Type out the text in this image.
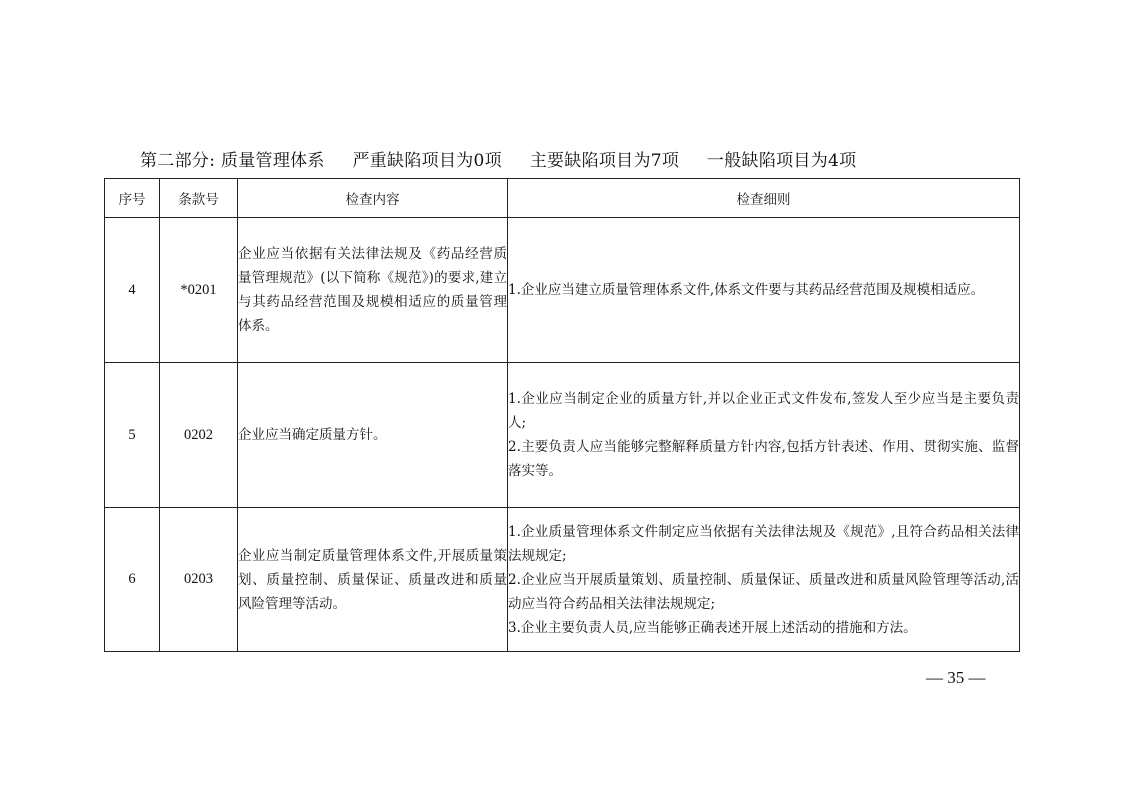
第二部分: 质量管理体系 严重缺陷项目为0项 主要缺陷项目为7项 一般缺陷项目为4项
序号	条款号	检查内容	检查细则
4	*0201	企业应当依据有关法律法规及《药品经营质量管理规范》(以下简称《规范》)的要求,建立与其药品经营范围及规模相适应的质量管理体系。	1.企业应当建立质量管理体系文件,体系文件要与其药品经营范围及规模相适应。

5	0202	企业应当确定质量方针。	1.企业应当制定企业的质量方针,并以企业正式文件发布,签发人至少应当是主要负责人;
2.主要负责人应当能够完整解释质量方针内容,包括方针表述、作用、贯彻实施、监督落实等。

6	0203	企业应当制定质量管理体系文件,开展质量策划、质量控制、质量保证、质量改进和质量风险管理等活动。	1.企业质量管理体系文件制定应当依据有关法律法规及《规范》,且符合药品相关法律法规规定;
2.企业应当开展质量策划、质量控制、质量保证、质量改进和质量风险管理等活动,活动应当符合药品相关法律法规规定;
3.企业主要负责人员,应当能够正确表述开展上述活动的措施和方法。
— 35 —
